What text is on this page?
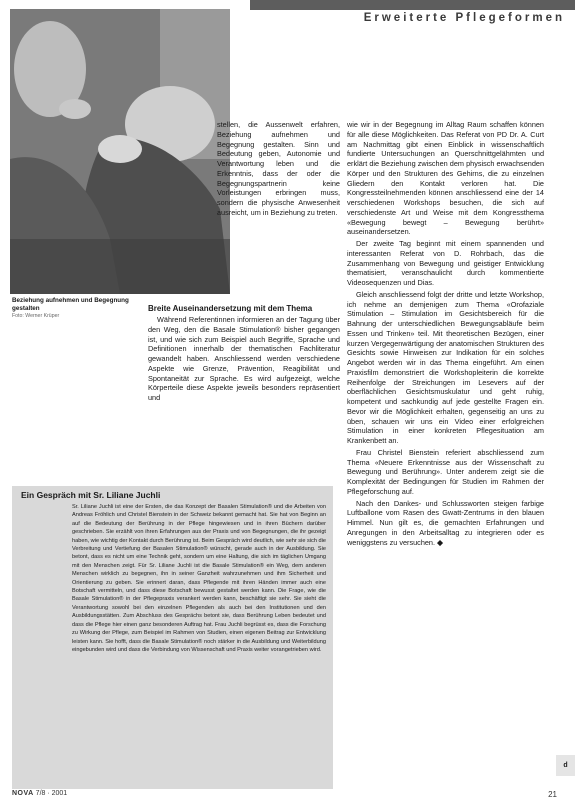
Erweiterte Pflegeformen
Beziehung aufnehmen und Begegnung gestalten
Foto: Werner Krüper

stellen, die Aussenwelt erfahren, Beziehung aufnehmen und Begegnung gestalten. Sinn und Bedeutung geben, Autonomie und Verantwortung leben und die Erkenntnis, dass der oder die Begegnungspartnerin keine Vorleistungen erbringen muss, sondern die physische Anwesenheit ausreicht, um in Beziehung zu treten.

Breite Auseinandersetzung mit dem Thema

Während Referentinnen informieren an der Tagung über den Weg, den die Basale Stimulation® bisher gegangen ist, und wie sich zum Beispiel auch Begriffe, Sprache und Definitionen innerhalb der thematischen Fachliteratur gewandelt haben. Anschliessend werden verschiedene Aspekte wie Grenze, Prävention, Reagibilität und Spontaneität zur Sprache. Es wird aufgezeigt, welche Körperteile diese Aspekte jeweils besonders repräsentiert und

wie wir in der Begegnung im Alltag Raum schaffen können für alle diese Möglichkeiten. Das Referat von PD Dr. A. Curt am Nachmittag gibt einen Einblick in wissenschaftlich fundierte Untersuchungen an Querschnittgelähmten und erklärt die Beziehung zwischen dem physisch erwachsenden Körper und den Strukturen des Gehirns, die zu einzelnen Gliedern den Kontakt verloren hat. Die Kongressteilnehmenden können anschliessend eine der 14 verschiedenen Workshops besuchen, die sich auf verschiedenste Art und Weise mit dem Kongressthema «Bewegung bewegt – Bewegung berührt» auseinandersetzen.

Der zweite Tag beginnt mit einem spannenden und interessanten Referat von D. Rohrbach, das die Zusammenhang von Bewegung und geistiger Entwicklung thematisiert, veranschaulicht durch kommentierte Videosequenzen und Dias.

Gleich anschliessend folgt der dritte und letzte Workshop, ich nehme an demjenigen zum Thema «Orofaziale Stimulation – Stimulation im Gesichtsbereich für die Bahnung der unterschiedlichen Bewegungsabläufe beim Essen und Trinken» teil. Mit theoretischen Bezügen, einer kurzen Vergegenwärtigung der anatomischen Strukturen des Gesichts sowie Hinweisen zur Indikation für ein solches Angebot werden wir in das Thema eingeführt. Am einen Praxisfilm demonstriert die Workshopleiterin die korrekte Reihenfolge der Streichungen im Lesevers auf der oberflächlichen Gesichtsmuskulatur und geht ruhig, kompetent und sachkundig auf jede gestellte Fragen ein. Bevor wir die Möglichkeit erhalten, gegenseitig an uns zu üben, schauen wir uns ein Video einer erfolgreichen Stimulation in einer konkreten Pflegesituation am Krankenbett an.

Frau Christel Bienstein referiert abschliessend zum Thema «Neuere Erkenntnisse aus der Wissenschaft zu Bewegung und Berührung». Unter anderem zeigt sie die Komplexität der Bedingungen für Studien im Rahmen der Pflegeforschung auf.

Nach den Dankes- und Schlussworten steigen farbige Luftballone vom Rasen des Gwatt-Zentrums in den blauen Himmel. Nun gilt es, die gemachten Erfahrungen und Anregungen in den Arbeitsalltag zu integrieren oder es weniggstens zu versuchen. ◆

Ein Gespräch mit Sr. Liliane Juchli
Sr. Liliane Juchli ist eine der Ersten, die das Konzept der Basalen Stimulation® und die Arbeiten von Andreas Fröhlich und Christel Bienstein in der Schweiz bekannt gemacht hat. Sie hat von Beginn an auf die Bedeutung der Berührung in der Pflege hingewiesen und in ihren Büchern darüber geschrieben. Sie erzählt von ihren Erfahrungen aus der Praxis und von Begegnungen, die ihr gezeigt haben, wie wichtig der Kontakt durch Berührung ist. Beim Gespräch wird deutlich, wie sehr sie sich die Verbreitung und Vertiefung der Basalen Stimulation® wünscht, gerade auch in der Ausbildung. Sie betont, dass es nicht um eine Technik geht, sondern um eine Haltung, die sich im täglichen Umgang mit den Menschen zeigt. Für Sr. Liliane Juchli ist die Basale Stimulation® ein Weg, dem anderen Menschen wirklich zu begegnen, ihn in seiner Ganzheit wahrzunehmen und ihm Sicherheit und Orientierung zu geben. Sie erinnert daran, dass Pflegende mit ihren Händen immer auch eine Botschaft vermitteln, und dass diese Botschaft bewusst gestaltet werden kann. Die Frage, wie die Basale Stimulation® in der Pflegepraxis verankert werden kann, beschäftigt sie sehr. Sie sieht die Verantwortung sowohl bei den einzelnen Pflegenden als auch bei den Institutionen und den Ausbildungsstätten. Zum Abschluss des Gesprächs betont sie, dass Berührung Leben bedeutet und dass die Pflege hier einen ganz besonderen Auftrag hat. Frau Juchli begrüsst es, dass die Forschung zu Wirkung der Pflege, zum Beispiel im Rahmen von Studien, einen eigenen Beitrag zur Entwicklung leisten kann. Sie hofft, dass die Basale Stimulation® noch stärker in die Ausbildung und Weiterbildung eingebunden wird und dass die Verbindung von Wissenschaft und Praxis weiter vorangetrieben wird.
NOVA 7/8 · 2001	21
d
